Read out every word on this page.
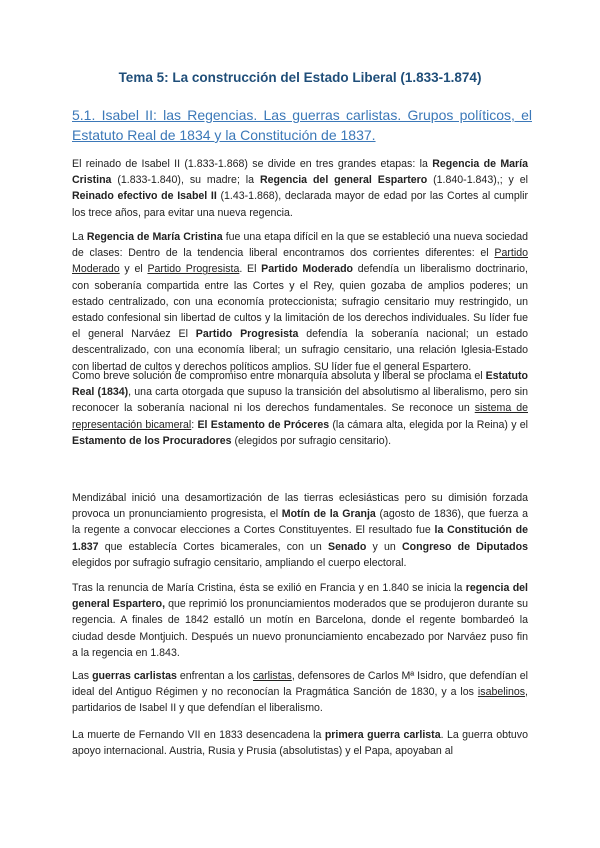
Tema 5: La construcción del Estado Liberal (1.833-1.874)
5.1. Isabel II: las Regencias. Las guerras carlistas. Grupos políticos, el Estatuto Real de 1834 y la Constitución de 1837.
El reinado de Isabel II (1.833-1.868) se divide en tres grandes etapas: la Regencia de María Cristina (1.833-1.840), su madre; la Regencia del general Espartero (1.840-1.843),; y el Reinado efectivo de Isabel II (1.43-1.868), declarada mayor de edad por las Cortes al cumplir los trece años, para evitar una nueva regencia.
La Regencia de María Cristina fue una etapa difícil en la que se estableció una nueva sociedad de clases: Dentro de la tendencia liberal encontramos dos corrientes diferentes: el Partido Moderado y el Partido Progresista. El Partido Moderado defendía un liberalismo doctrinario, con soberanía compartida entre las Cortes y el Rey, quien gozaba de amplios poderes; un estado centralizado, con una economía proteccionista; sufragio censitario muy restringido, un estado confesional sin libertad de cultos y la limitación de los derechos individuales. Su líder fue el general Narváez El Partido Progresista defendía la soberanía nacional; un estado descentralizado, con una economía liberal; un sufragio censitario, una relación Iglesia-Estado con libertad de cultos y derechos políticos amplios. SU líder fue el general Espartero.
Como breve solución de compromiso entre monarquía absoluta y liberal se proclama el Estatuto Real (1834), una carta otorgada que supuso la transición del absolutismo al liberalismo, pero sin reconocer la soberanía nacional ni los derechos fundamentales. Se reconoce un sistema de representación bicameral: El Estamento de Próceres (la cámara alta, elegida por la Reina) y el Estamento de los Procuradores (elegidos por sufragio censitario).
Mendizábal inició una desamortización de las tierras eclesiásticas pero su dimisión forzada provoca un pronunciamiento progresista, el Motín de la Granja (agosto de 1836), que fuerza a la regente a convocar elecciones a Cortes Constituyentes. El resultado fue la Constitución de 1.837 que establecía Cortes bicamerales, con un Senado y un Congreso de Diputados elegidos por sufragio sufragio censitario, ampliando el cuerpo electoral.
Tras la renuncia de María Cristina, ésta se exilió en Francia y en 1.840 se inicia la regencia del general Espartero, que reprimió los pronunciamientos moderados que se produjeron durante su regencia. A finales de 1842 estalló un motín en Barcelona, donde el regente bombardeó la ciudad desde Montjuich. Después un nuevo pronunciamiento encabezado por Narváez puso fin a la regencia en 1.843.
Las guerras carlistas enfrentan a los carlistas, defensores de Carlos Mª Isidro, que defendían el ideal del Antiguo Régimen y no reconocían la Pragmática Sanción de 1830, y a los isabelinos, partidarios de Isabel II y que defendían el liberalismo.
La muerte de Fernando VII en 1833 desencadena la primera guerra carlista. La guerra obtuvo apoyo internacional. Austria, Rusia y Prusia (absolutistas) y el Papa, apoyaban al
